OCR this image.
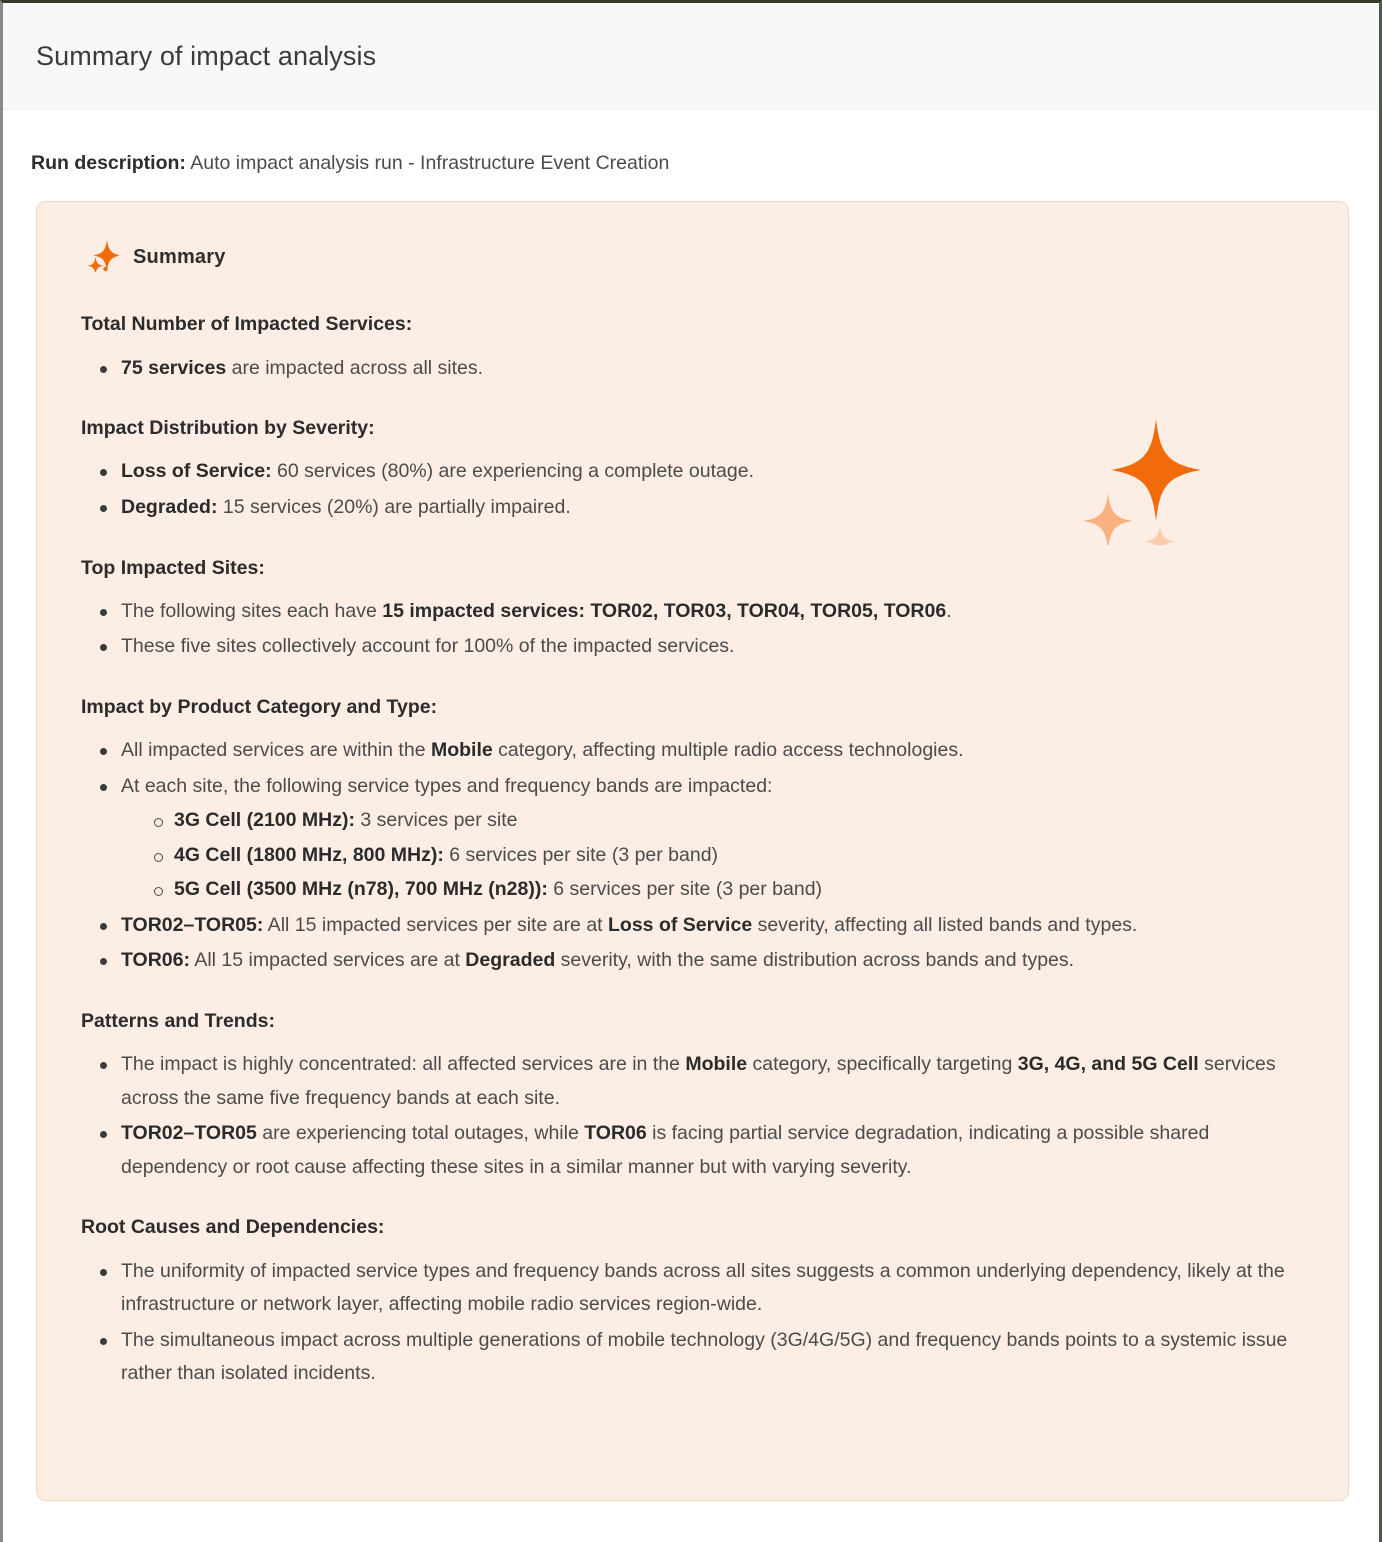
Summary of impact analysis
Run description: Auto impact analysis run - Infrastructure Event Creation
Summary
Total Number of Impacted Services:
75 services are impacted across all sites.
Impact Distribution by Severity:
Loss of Service: 60 services (80%) are experiencing a complete outage.
Degraded: 15 services (20%) are partially impaired.
Top Impacted Sites:
The following sites each have 15 impacted services: TOR02, TOR03, TOR04, TOR05, TOR06.
These five sites collectively account for 100% of the impacted services.
Impact by Product Category and Type:
All impacted services are within the Mobile category, affecting multiple radio access technologies.
At each site, the following service types and frequency bands are impacted:
3G Cell (2100 MHz): 3 services per site
4G Cell (1800 MHz, 800 MHz): 6 services per site (3 per band)
5G Cell (3500 MHz (n78), 700 MHz (n28)): 6 services per site (3 per band)
TOR02–TOR05: All 15 impacted services per site are at Loss of Service severity, affecting all listed bands and types.
TOR06: All 15 impacted services are at Degraded severity, with the same distribution across bands and types.
Patterns and Trends:
The impact is highly concentrated: all affected services are in the Mobile category, specifically targeting 3G, 4G, and 5G Cell services across the same five frequency bands at each site.
TOR02–TOR05 are experiencing total outages, while TOR06 is facing partial service degradation, indicating a possible shared dependency or root cause affecting these sites in a similar manner but with varying severity.
Root Causes and Dependencies:
The uniformity of impacted service types and frequency bands across all sites suggests a common underlying dependency, likely at the infrastructure or network layer, affecting mobile radio services region-wide.
The simultaneous impact across multiple generations of mobile technology (3G/4G/5G) and frequency bands points to a systemic issue rather than isolated incidents.
